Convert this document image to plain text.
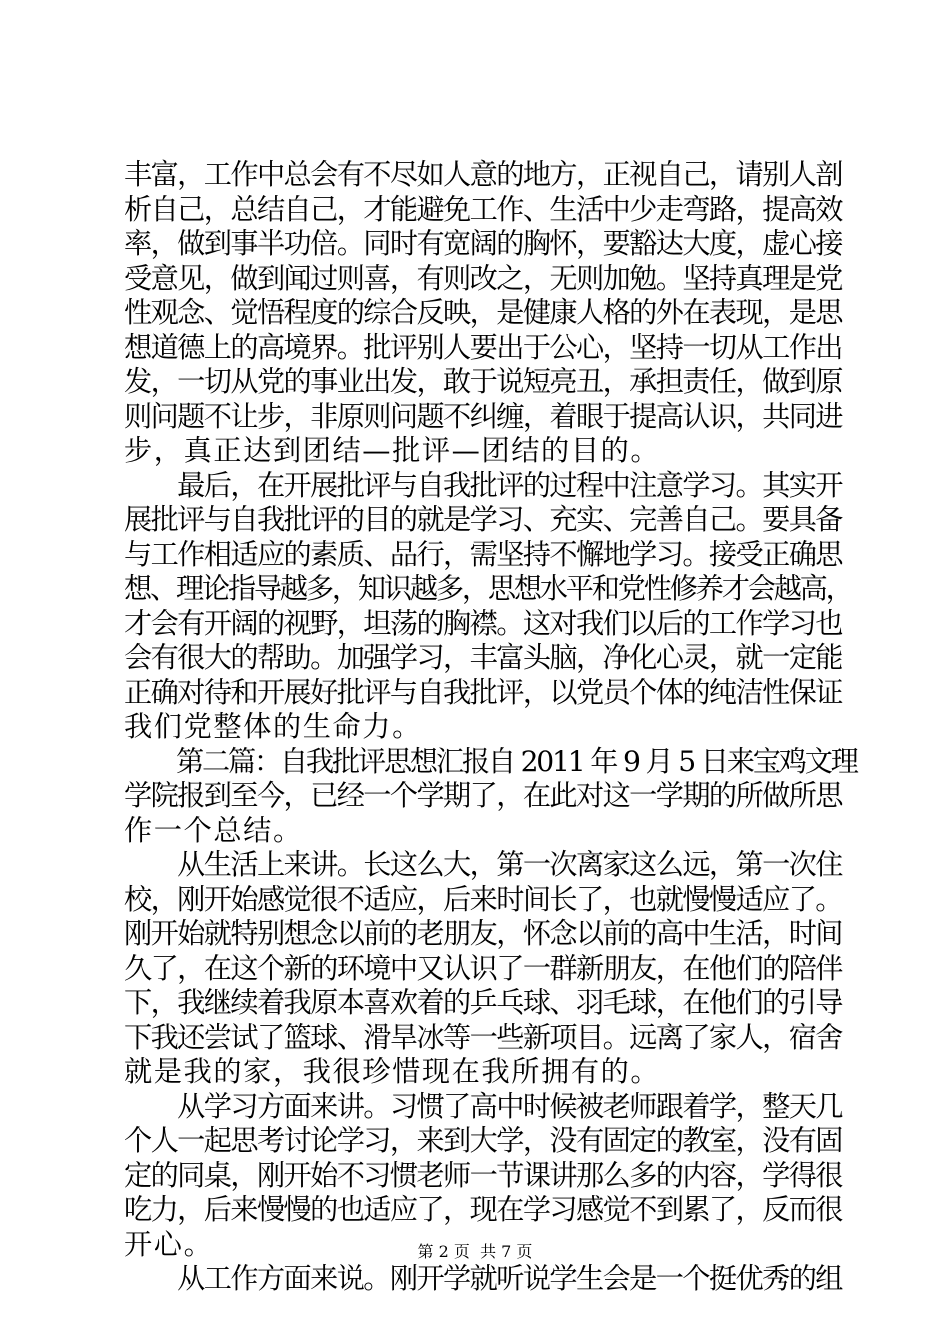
丰富，工作中总会有不尽如人意的地方，正视自己，请别人剖
析自己，总结自己，才能避免工作、生活中少走弯路，提高效
率，做到事半功倍。同时有宽阔的胸怀，要豁达大度，虚心接
受意见，做到闻过则喜，有则改之，无则加勉。坚持真理是党
性观念、觉悟程度的综合反映，是健康人格的外在表现，是思
想道德上的高境界。批评别人要出于公心，坚持一切从工作出
发，一切从党的事业出发，敢于说短亮丑，承担责任，做到原
则问题不让步，非原则问题不纠缠，着眼于提高认识，共同进
步，真正达到团结—批评—团结的目的。
　　最后，在开展批评与自我批评的过程中注意学习。其实开
展批评与自我批评的目的就是学习、充实、完善自己。要具备
与工作相适应的素质、品行，需坚持不懈地学习。接受正确思
想、理论指导越多，知识越多，思想水平和党性修养才会越高，
才会有开阔的视野，坦荡的胸襟。这对我们以后的工作学习也
会有很大的帮助。加强学习，丰富头脑，净化心灵，就一定能
正确对待和开展好批评与自我批评，以党员个体的纯洁性保证
我们党整体的生命力。
　　第二篇：自我批评思想汇报自 2011 年 9 月 5 日来宝鸡文理
学院报到至今，已经一个学期了，在此对这一学期的所做所思
作一个总结。
　　从生活上来讲。长这么大，第一次离家这么远，第一次住
校，刚开始感觉很不适应，后来时间长了，也就慢慢适应了。
刚开始就特别想念以前的老朋友，怀念以前的高中生活，时间
久了，在这个新的环境中又认识了一群新朋友，在他们的陪伴
下，我继续着我原本喜欢着的乒乓球、羽毛球，在他们的引导
下我还尝试了篮球、滑旱冰等一些新项目。远离了家人，宿舍
就是我的家，我很珍惜现在我所拥有的。
　　从学习方面来讲。习惯了高中时候被老师跟着学，整天几
个人一起思考讨论学习，来到大学，没有固定的教室，没有固
定的同桌，刚开始不习惯老师一节课讲那么多的内容，学得很
吃力，后来慢慢的也适应了，现在学习感觉不到累了，反而很
开心。
　　从工作方面来说。刚开学就听说学生会是一个挺优秀的组
第 2 页  共 7 页
